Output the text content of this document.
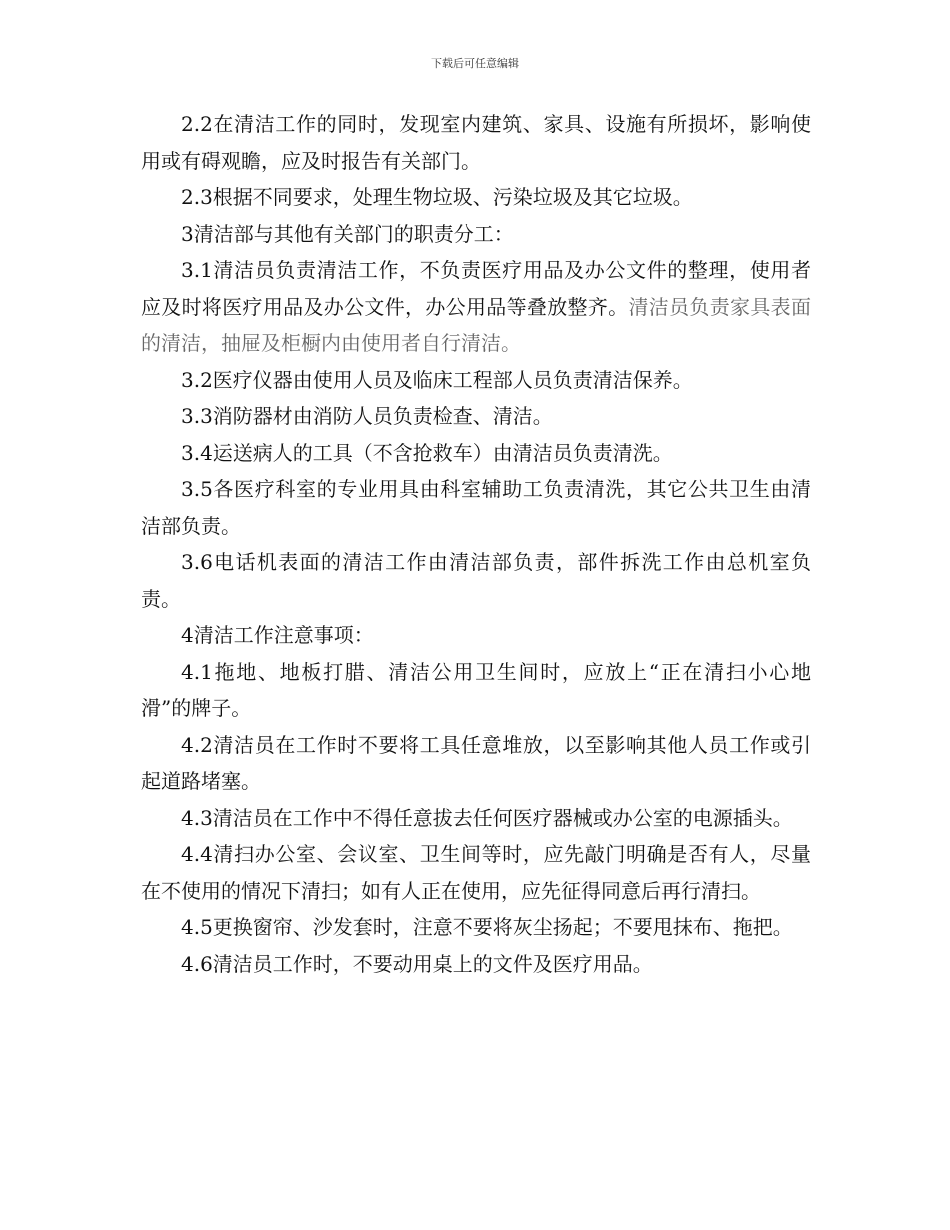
下载后可任意编辑

2.2在清洁工作的同时，发现室内建筑、家具、设施有所损坏，影响使用或有碍观瞻，应及时报告有关部门。

2.3根据不同要求，处理生物垃圾、污染垃圾及其它垃圾。

3清洁部与其他有关部门的职责分工：

3.1清洁员负责清洁工作，不负责医疗用品及办公文件的整理，使用者应及时将医疗用品及办公文件，办公用品等叠放整齐。清洁员负责家具表面的清洁，抽屉及柜橱内由使用者自行清洁。

3.2医疗仪器由使用人员及临床工程部人员负责清洁保养。

3.3消防器材由消防人员负责检查、清洁。

3.4运送病人的工具（不含抢救车）由清洁员负责清洗。

3.5各医疗科室的专业用具由科室辅助工负责清洗，其它公共卫生由清洁部负责。

3.6电话机表面的清洁工作由清洁部负责，部件拆洗工作由总机室负责。

4清洁工作注意事项：

4.1拖地、地板打腊、清洁公用卫生间时，应放上“正在清扫小心地滑”的牌子。

4.2清洁员在工作时不要将工具任意堆放，以至影响其他人员工作或引起道路堵塞。

4.3清洁员在工作中不得任意拔去任何医疗器械或办公室的电源插头。

4.4清扫办公室、会议室、卫生间等时，应先敲门明确是否有人，尽量在不使用的情况下清扫；如有人正在使用，应先征得同意后再行清扫。

4.5更换窗帘、沙发套时，注意不要将灰尘扬起；不要甩抹布、拖把。

4.6清洁员工作时，不要动用桌上的文件及医疗用品。
